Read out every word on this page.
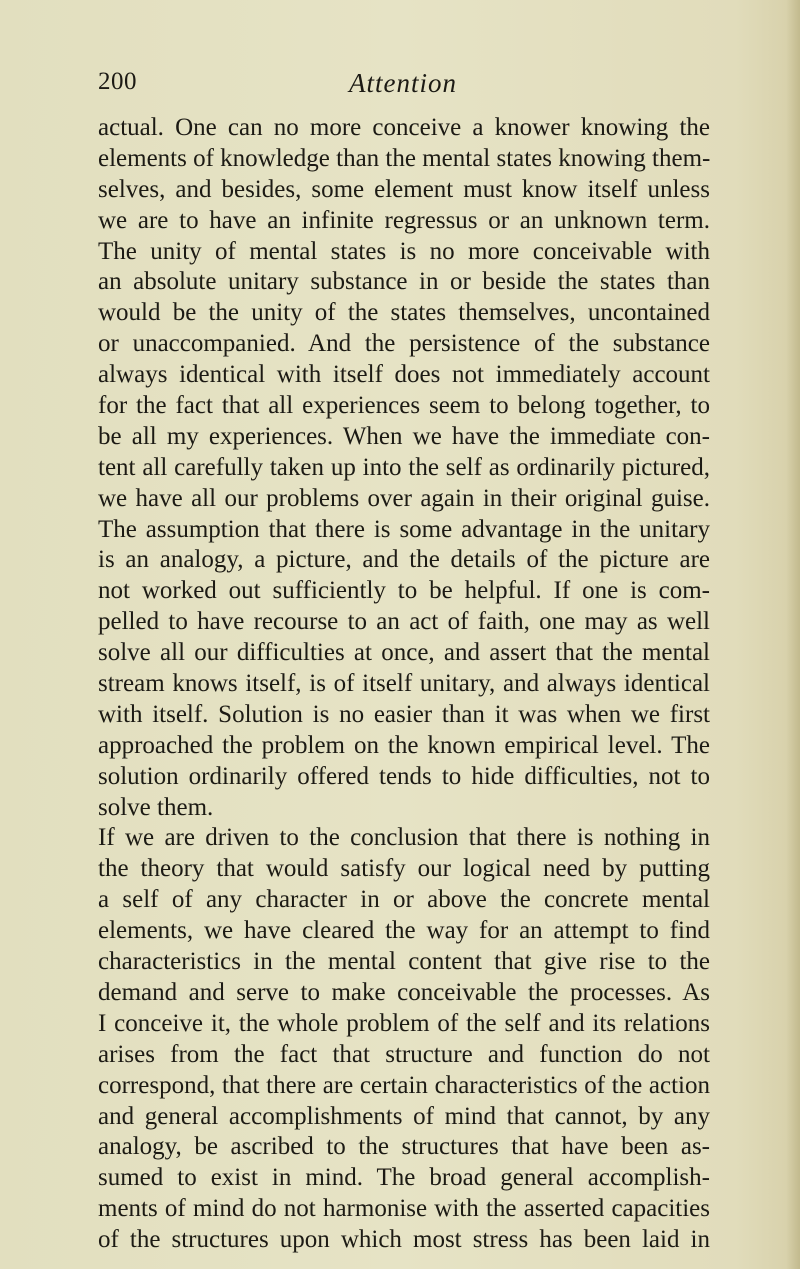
200	Attention
actual. One can no more conceive a knower knowing the
elements of knowledge than the mental states knowing them-
selves, and besides, some element must know itself unless
we are to have an infinite regressus or an unknown term.
The unity of mental states is no more conceivable with
an absolute unitary substance in or beside the states than
would be the unity of the states themselves, uncontained
or unaccompanied. And the persistence of the substance
always identical with itself does not immediately account
for the fact that all experiences seem to belong together, to
be all my experiences. When we have the immediate con-
tent all carefully taken up into the self as ordinarily pictured,
we have all our problems over again in their original guise.
The assumption that there is some advantage in the unitary
is an analogy, a picture, and the details of the picture are
not worked out sufficiently to be helpful. If one is com-
pelled to have recourse to an act of faith, one may as well
solve all our difficulties at once, and assert that the mental
stream knows itself, is of itself unitary, and always identical
with itself. Solution is no easier than it was when we first
approached the problem on the known empirical level. The
solution ordinarily offered tends to hide difficulties, not to
solve them.
If we are driven to the conclusion that there is nothing in
the theory that would satisfy our logical need by putting
a self of any character in or above the concrete mental
elements, we have cleared the way for an attempt to find
characteristics in the mental content that give rise to the
demand and serve to make conceivable the processes. As
I conceive it, the whole problem of the self and its relations
arises from the fact that structure and function do not
correspond, that there are certain characteristics of the action
and general accomplishments of mind that cannot, by any
analogy, be ascribed to the structures that have been as-
sumed to exist in mind. The broad general accomplish-
ments of mind do not harmonise with the asserted capacities
of the structures upon which most stress has been laid in
